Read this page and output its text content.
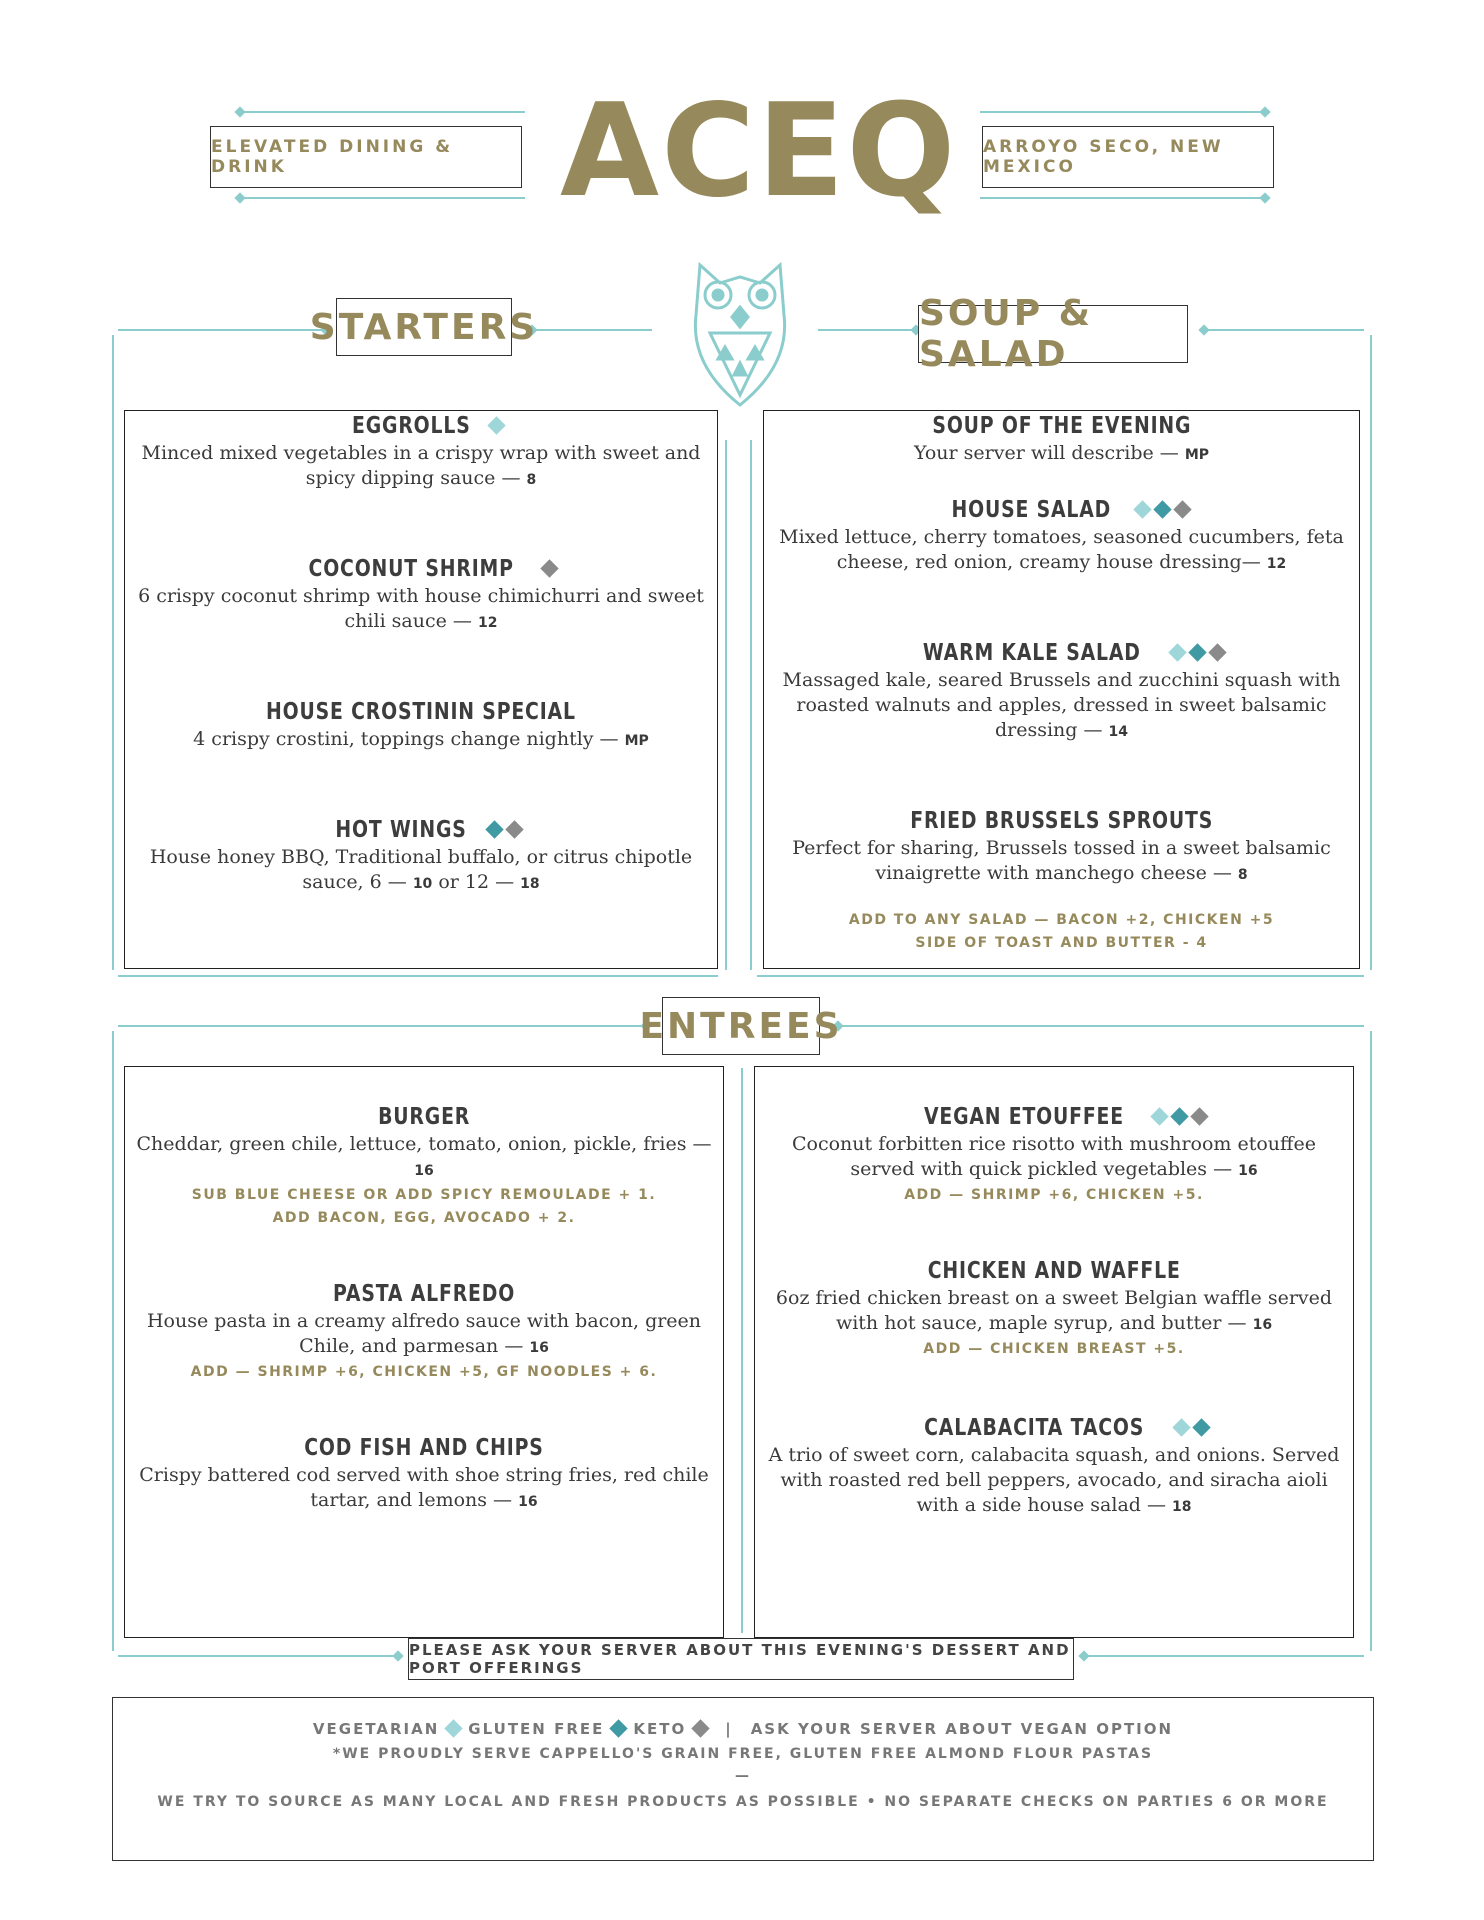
ELEVATED DINING & DRINK	ACEQ ARROYO SECO, NEW MEXICO
STARTERS	SOUP & SALAD
EGGROLLS
Minced mixed vegetables in a crispy wrap with sweet and spicy dipping sauce — 8
COCONUT SHRIMP
6 crispy coconut shrimp with house chimichurri and sweet chili sauce — 12
HOUSE CROSTININ SPECIAL
4 crispy crostini, toppings change nightly — MP
HOT WINGS
House honey BBQ, Traditional buffalo, or citrus chipotle sauce, 6 — 10 or 12 — 18
SOUP OF THE EVENING
Your server will describe — MP
HOUSE SALAD
Mixed lettuce, cherry tomatoes, seasoned cucumbers, feta cheese, red onion, creamy house dressing— 12
WARM KALE SALAD
Massaged kale, seared Brussels and zucchini squash with roasted walnuts and apples, dressed in sweet balsamic dressing — 14
FRIED BRUSSELS SPROUTS
Perfect for sharing, Brussels tossed in a sweet balsamic vinaigrette with manchego cheese — 8
ADD TO ANY SALAD — BACON +2, CHICKEN +5
SIDE OF TOAST AND BUTTER - 4
ENTREES
BURGER
Cheddar, green chile, lettuce, tomato, onion, pickle, fries — 16
SUB BLUE CHEESE OR ADD SPICY REMOULADE + 1.
ADD BACON, EGG, AVOCADO + 2.
PASTA ALFREDO
House pasta in a creamy alfredo sauce with bacon, green Chile, and parmesan — 16
ADD — SHRIMP +6, CHICKEN +5, GF NOODLES + 6.
COD FISH AND CHIPS
Crispy battered cod served with shoe string fries, red chile tartar, and lemons — 16
VEGAN ETOUFFEE
Coconut forbitten rice risotto with mushroom etouffee served with quick pickled vegetables — 16
ADD — SHRIMP +6, CHICKEN +5.
CHICKEN AND WAFFLE
6oz fried chicken breast on a sweet Belgian waffle served with hot sauce, maple syrup, and butter — 16
ADD — CHICKEN BREAST +5.
CALABACITA TACOS
A trio of sweet corn, calabacita squash, and onions. Served with roasted red bell peppers, avocado, and siracha aioli with a side house salad — 18
PLEASE ASK YOUR SERVER ABOUT THIS EVENING'S DESSERT AND PORT OFFERINGS
VEGETARIAN GLUTEN FREE KETO	| ASK YOUR SERVER ABOUT VEGAN OPTION
*WE PROUDLY SERVE CAPPELLO'S GRAIN FREE, GLUTEN FREE ALMOND FLOUR PASTAS
—
WE TRY TO SOURCE AS MANY LOCAL AND FRESH PRODUCTS AS POSSIBLE • NO SEPARATE CHECKS ON PARTIES 6 OR MORE
